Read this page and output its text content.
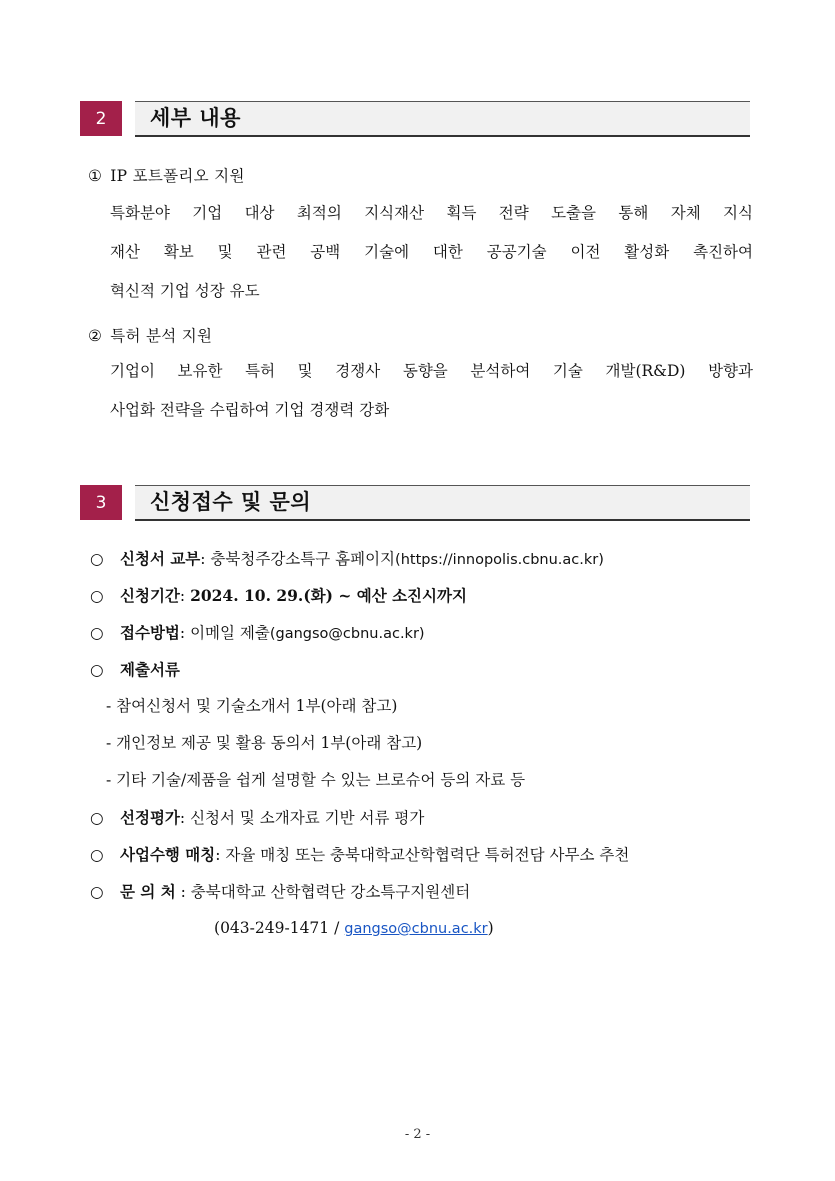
2	세부 내용
① IP 포트폴리오 지원
특화분야 기업 대상 최적의 지식재산 획득 전략 도출을 통해 자체 지식
재산 확보 및 관련 공백 기술에 대한 공공기술 이전 활성화 촉진하여
혁신적 기업 성장 유도
② 특허 분석 지원
기업이 보유한 특허 및 경쟁사 동향을 분석하여 기술 개발(R&D) 방향과
사업화 전략을 수립하여 기업 경쟁력 강화
3	신청접수 및 문의
○ 신청서 교부: 충북청주강소특구 홈페이지(https://innopolis.cbnu.ac.kr)
○ 신청기간: 2024. 10. 29.(화) ~ 예산 소진시까지
○ 접수방법: 이메일 제출(gangso@cbnu.ac.kr)
○ 제출서류
- 참여신청서 및 기술소개서 1부(아래 참고)
- 개인정보 제공 및 활용 동의서 1부(아래 참고)
- 기타 기술/제품을 쉽게 설명할 수 있는 브로슈어 등의 자료 등
○ 선정평가: 신청서 및 소개자료 기반 서류 평가
○ 사업수행 매칭: 자율 매칭 또는 충북대학교산학협력단 특허전담 사무소 추천
○ 문 의 처 : 충북대학교 산학협력단 강소특구지원센터
(043-249-1471 / gangso@cbnu.ac.kr)
- 2 -
